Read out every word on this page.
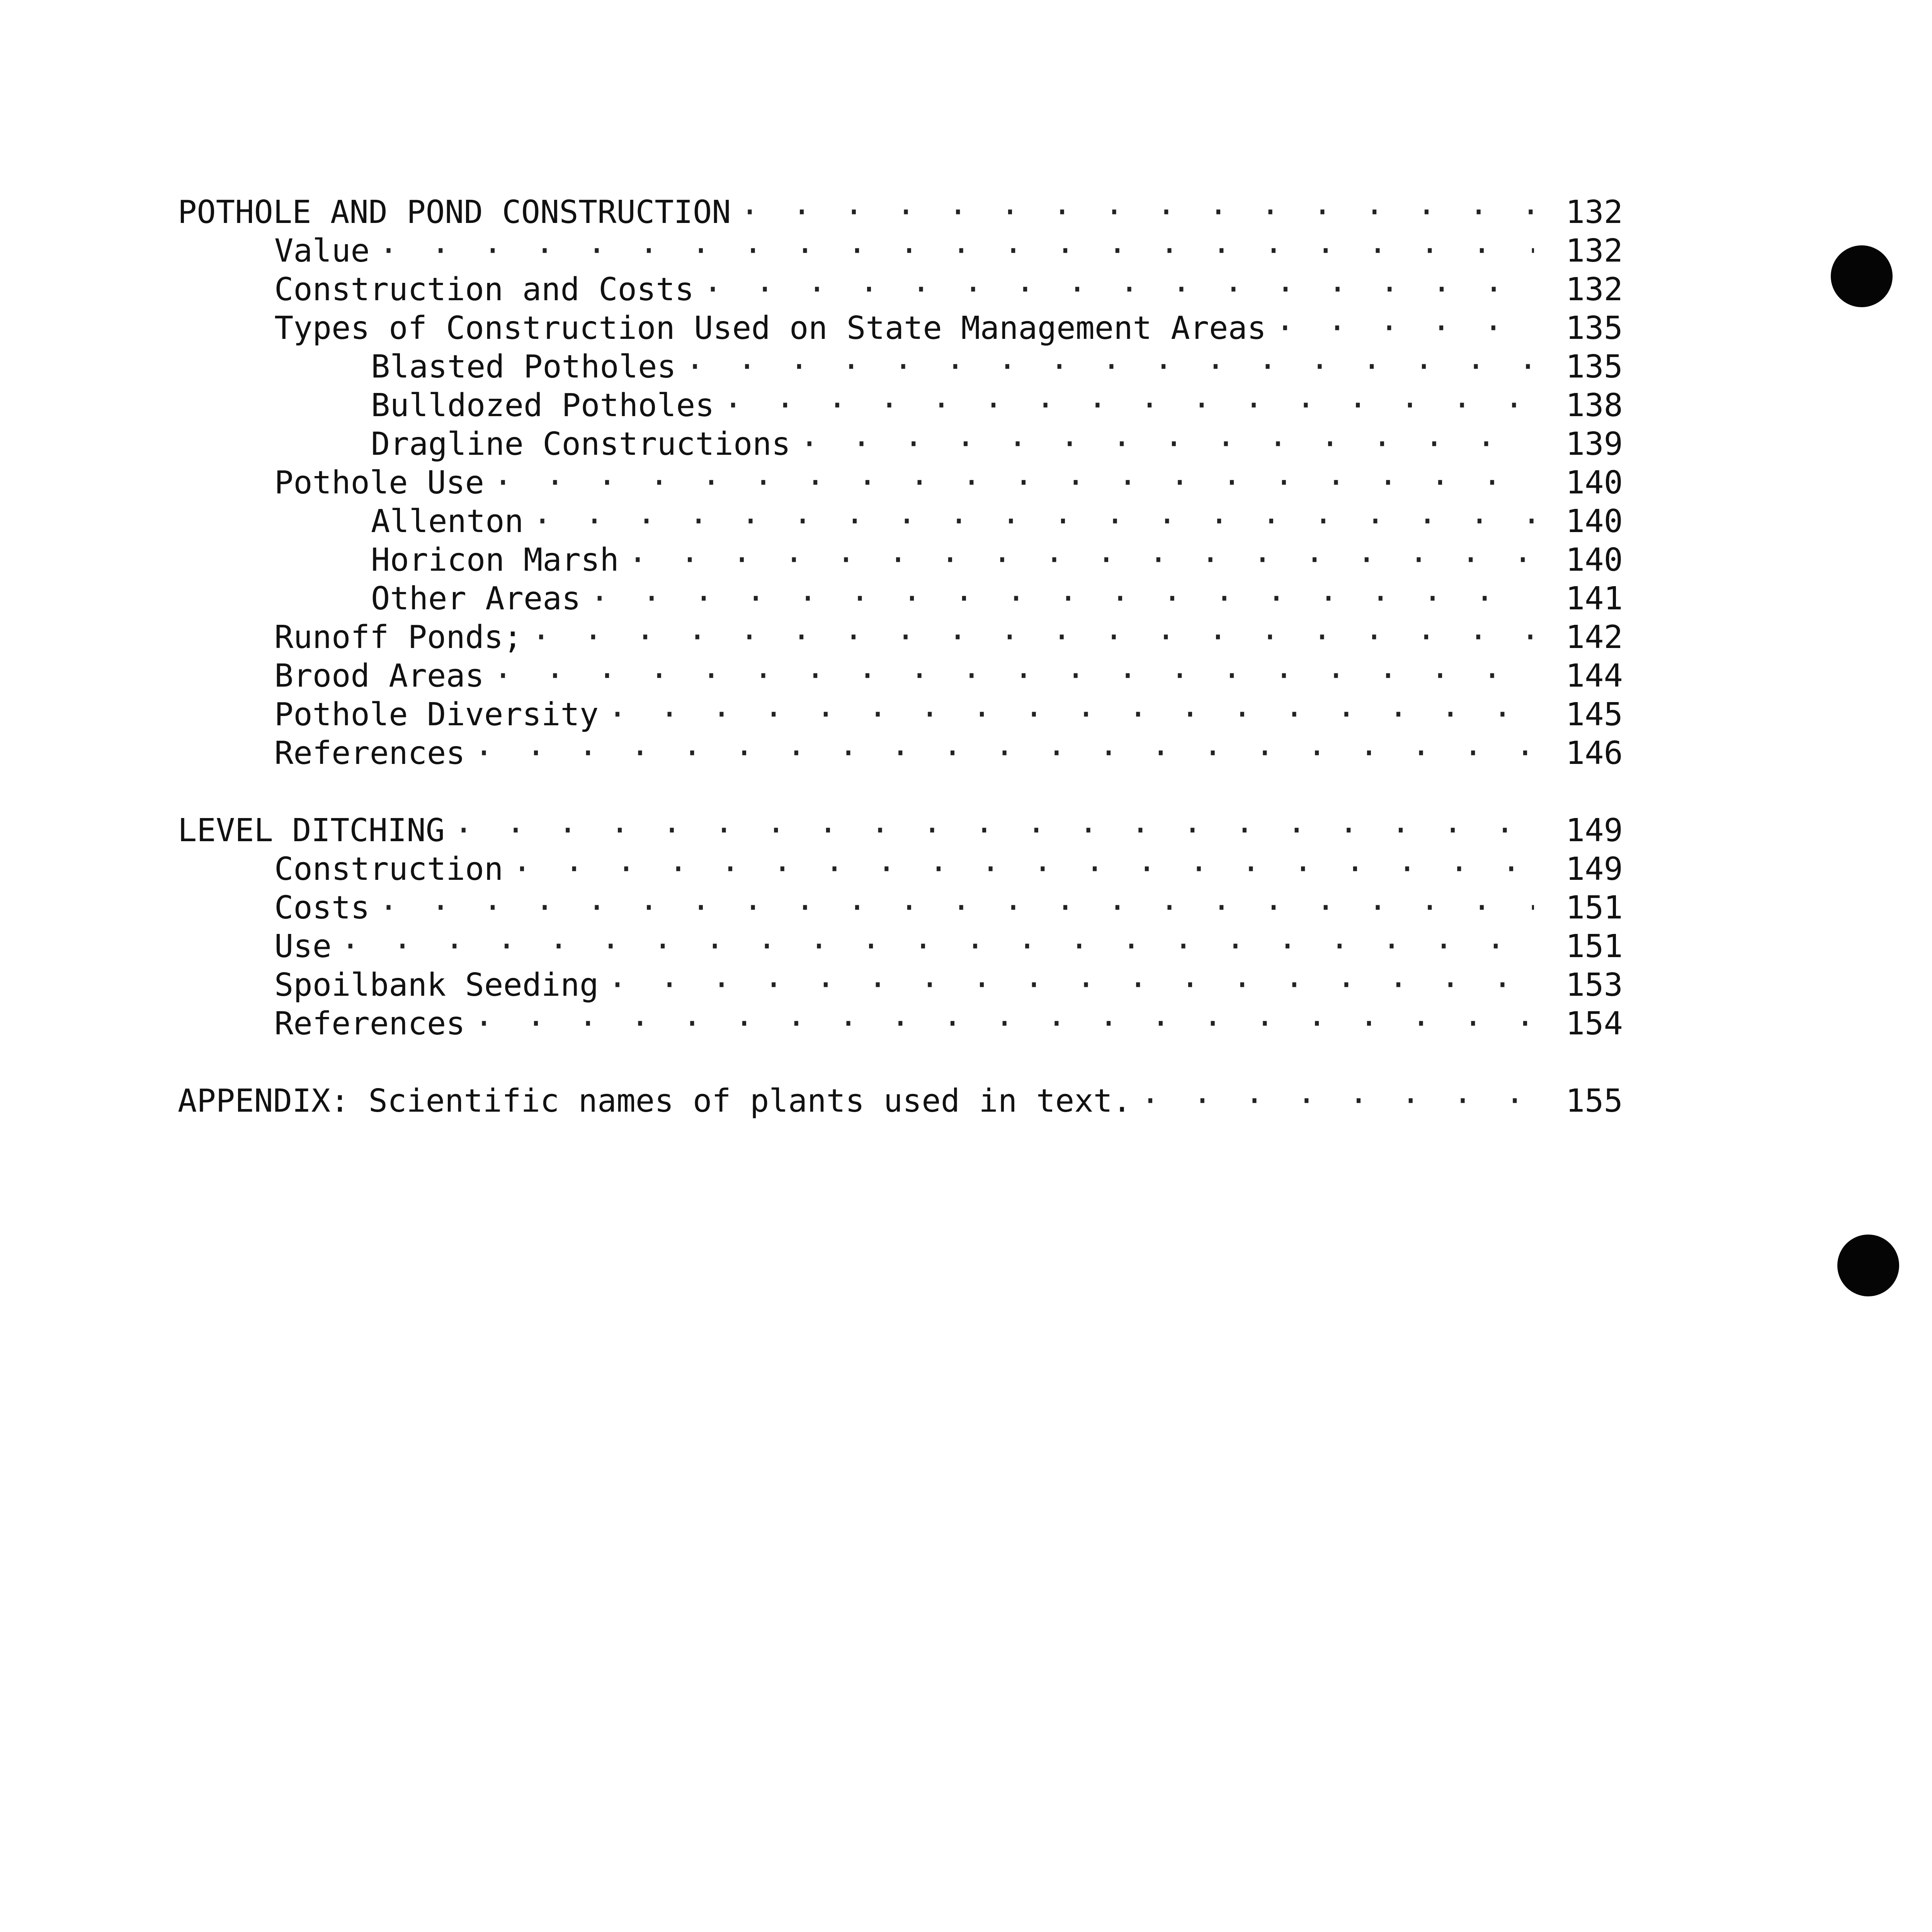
POTHOLE AND POND CONSTRUCTION · · ·	132
Value · · ·	132
Construction and Costs · · ·	132
Types of Construction Used on State Management Areas · · ·	135
Blasted Potholes · · ·	135
Bulldozed Potholes · · ·	138
Dragline Constructions · · ·	139
Pothole Use · · ·	140
Allenton · · ·	140
Horicon Marsh · · ·	140
Other Areas · · ·	141
Runoff Ponds; · · ·	142
Brood Areas · · ·	144
Pothole Diversity · · ·	145
References · · ·	146
LEVEL DITCHING · · ·	149
Construction · · ·	149
Costs · · ·	151
Use · · ·	151
Spoilbank Seeding · · ·	153
References · · ·	154
APPENDIX: Scientific names of plants used in text. · · ·	155
